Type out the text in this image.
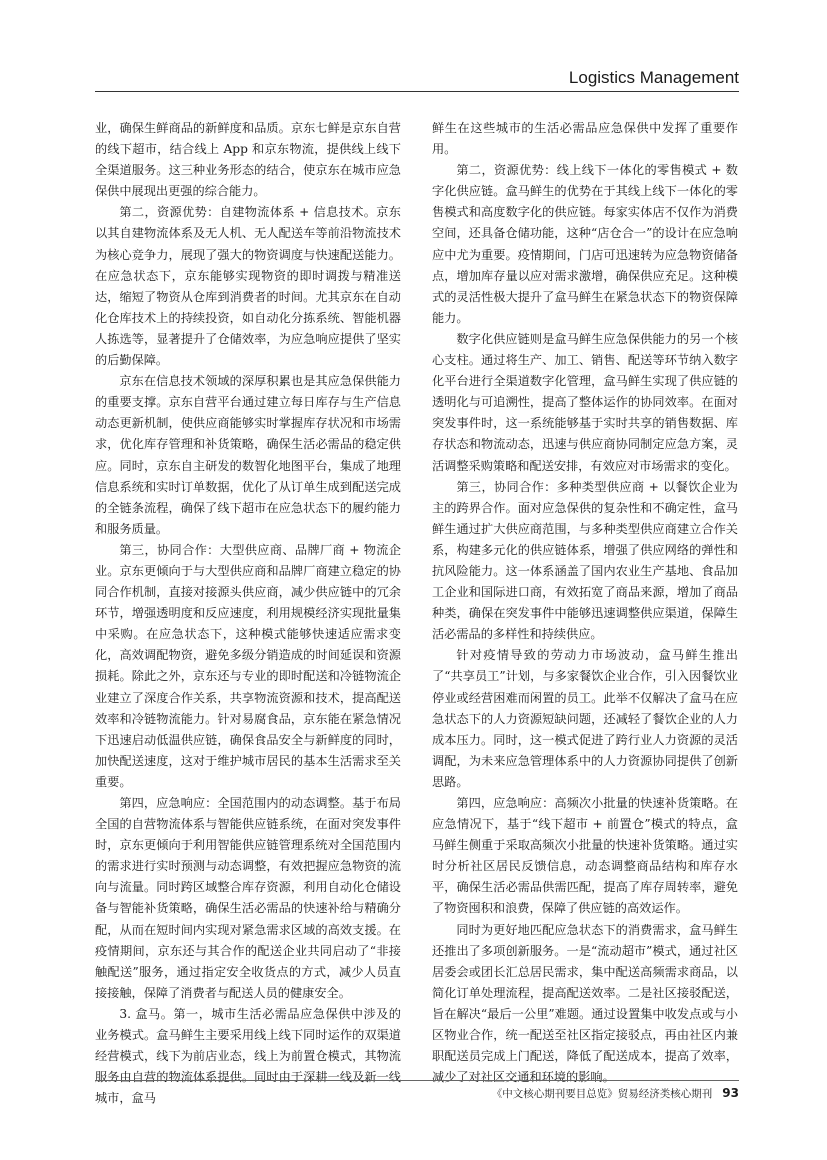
Logistics Management

业，确保生鲜商品的新鲜度和品质。京东七鲜是京东自营的线下超市，结合线上 App 和京东物流，提供线上线下全渠道服务。这三种业务形态的结合，使京东在城市应急保供中展现出更强的综合能力。

第二，资源优势：自建物流体系 + 信息技术。京东以其自建物流体系及无人机、无人配送车等前沿物流技术为核心竞争力，展现了强大的物资调度与快速配送能力。在应急状态下，京东能够实现物资的即时调拨与精准送达，缩短了物资从仓库到消费者的时间。尤其京东在自动化仓库技术上的持续投资，如自动化分拣系统、智能机器人拣选等，显著提升了仓储效率，为应急响应提供了坚实的后勤保障。

京东在信息技术领域的深厚积累也是其应急保供能力的重要支撑。京东自营平台通过建立每日库存与生产信息动态更新机制，使供应商能够实时掌握库存状况和市场需求，优化库存管理和补货策略，确保生活必需品的稳定供应。同时，京东自主研发的数智化地图平台，集成了地理信息系统和实时订单数据，优化了从订单生成到配送完成的全链条流程，确保了线下超市在应急状态下的履约能力和服务质量。

第三，协同合作：大型供应商、品牌厂商 + 物流企业。京东更倾向于与大型供应商和品牌厂商建立稳定的协同合作机制，直接对接源头供应商，减少供应链中的冗余环节，增强透明度和反应速度，利用规模经济实现批量集中采购。在应急状态下，这种模式能够快速适应需求变化，高效调配物资，避免多级分销造成的时间延误和资源损耗。除此之外，京东还与专业的即时配送和冷链物流企业建立了深度合作关系，共享物流资源和技术，提高配送效率和冷链物流能力。针对易腐食品，京东能在紧急情况下迅速启动低温供应链，确保食品安全与新鲜度的同时，加快配送速度，这对于维护城市居民的基本生活需求至关重要。

第四，应急响应：全国范围内的动态调整。基于布局全国的自营物流体系与智能供应链系统，在面对突发事件时，京东更倾向于利用智能供应链管理系统对全国范围内的需求进行实时预测与动态调整，有效把握应急物资的流向与流量。同时跨区域整合库存资源，利用自动化仓储设备与智能补货策略，确保生活必需品的快速补给与精确分配，从而在短时间内实现对紧急需求区域的高效支援。在疫情期间，京东还与其合作的配送企业共同启动了“非接触配送”服务，通过指定安全收货点的方式，减少人员直接接触，保障了消费者与配送人员的健康安全。

3. 盒马。第一，城市生活必需品应急保供中涉及的业务模式。盒马鲜生主要采用线上线下同时运作的双渠道经营模式，线下为前店业态，线上为前置仓模式，其物流服务由自营的物流体系提供。同时由于深耕一线及新一线城市，盒马

鲜生在这些城市的生活必需品应急保供中发挥了重要作用。

第二，资源优势：线上线下一体化的零售模式 + 数字化供应链。盒马鲜生的优势在于其线上线下一体化的零售模式和高度数字化的供应链。每家实体店不仅作为消费空间，还具备仓储功能，这种“店仓合一”的设计在应急响应中尤为重要。疫情期间，门店可迅速转为应急物资储备点，增加库存量以应对需求激增，确保供应充足。这种模式的灵活性极大提升了盒马鲜生在紧急状态下的物资保障能力。

数字化供应链则是盒马鲜生应急保供能力的另一个核心支柱。通过将生产、加工、销售、配送等环节纳入数字化平台进行全渠道数字化管理，盒马鲜生实现了供应链的透明化与可追溯性，提高了整体运作的协同效率。在面对突发事件时，这一系统能够基于实时共享的销售数据、库存状态和物流动态，迅速与供应商协同制定应急方案，灵活调整采购策略和配送安排，有效应对市场需求的变化。

第三，协同合作：多种类型供应商 + 以餐饮企业为主的跨界合作。面对应急保供的复杂性和不确定性，盒马鲜生通过扩大供应商范围，与多种类型供应商建立合作关系，构建多元化的供应链体系，增强了供应网络的弹性和抗风险能力。这一体系涵盖了国内农业生产基地、食品加工企业和国际进口商，有效拓宽了商品来源，增加了商品种类，确保在突发事件中能够迅速调整供应渠道，保障生活必需品的多样性和持续供应。

针对疫情导致的劳动力市场波动，盒马鲜生推出了“共享员工”计划，与多家餐饮企业合作，引入因餐饮业停业或经营困难而闲置的员工。此举不仅解决了盒马在应急状态下的人力资源短缺问题，还减轻了餐饮企业的人力成本压力。同时，这一模式促进了跨行业人力资源的灵活调配，为未来应急管理体系中的人力资源协同提供了创新思路。

第四，应急响应：高频次小批量的快速补货策略。在应急情况下，基于“线下超市 + 前置仓”模式的特点，盒马鲜生侧重于采取高频次小批量的快速补货策略。通过实时分析社区居民反馈信息，动态调整商品结构和库存水平，确保生活必需品供需匹配，提高了库存周转率，避免了物资囤积和浪费，保障了供应链的高效运作。

同时为更好地匹配应急状态下的消费需求，盒马鲜生还推出了多项创新服务。一是“流动超市”模式，通过社区居委会或团长汇总居民需求，集中配送高频需求商品，以简化订单处理流程，提高配送效率。二是社区接驳配送，旨在解决“最后一公里”难题。通过设置集中收发点或与小区物业合作，统一配送至社区指定接驳点，再由社区内兼职配送员完成上门配送，降低了配送成本，提高了效率，减少了对社区交通和环境的影响。

《中文核心期刊要目总览》贸易经济类核心期刊 93
